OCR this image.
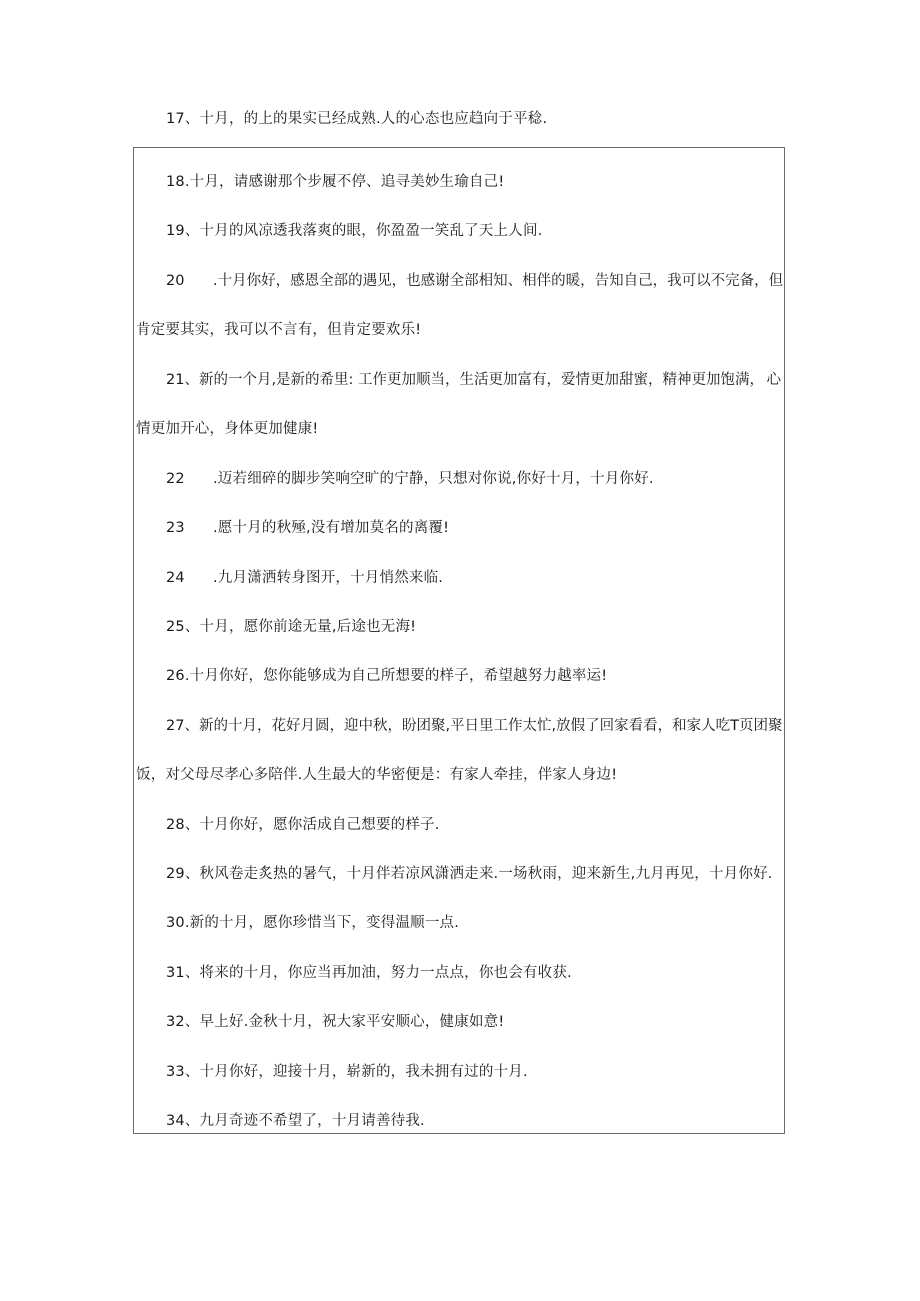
17、十月，的上的果实已经成熟.人的心态也应趋向于平稔.
18.十月，请感谢那个步履不停、追寻美妙生瑜自己!
19、十月的风凉透我落爽的眼，你盈盈一笑乱了天上人间.
20 .十月你好，感恩全部的遇见，也感谢全部相知、相伴的暖，告知自己，我可以不完备， 但
肯定要其实，我可以不言有，但肯定要欢乐!
21、新的一个月,是新的希里: 工作更加顺当，生活更加富有，爱情更加甜蜜，精神更加饱满， 心
情更加开心，身体更加健康!
22 .迈若细碎的脚步笑响空旷的宁静，只想对你说,你好十月，十月你好.
23 .愿十月的秋殛,没有增加莫名的离覆!
24 .九月潇洒转身图开，十月悄然来临.
25、十月，愿你前途无量,后途也无海!
26.十月你好，您你能够成为自己所想要的样子，希望越努力越率运!
27、新的十月，花好月圆，迎中秋，盼团聚,平日里工作太忙,放假了回家看看，和家人吃 T页团聚
饭，对父母尽孝心多陪伴.人生最大的华密便是：有家人牵挂，伴家人身边!
28、十月你好，愿你活成自己想要的样子.
29、秋风卷走炙热的暑气，十月伴若凉风潇洒走来.一场秋雨，迎来新生,九月再见，十月你好.
30.新的十月，愿你珍惜当下，变得温顺一点.
31、将来的十月，你应当再加油，努力一点点，你也会有收获.
32、早上好.金秋十月，祝大家平安顺心，健康如意!
33、十月你好，迎接十月，崭新的，我未拥有过的十月.
34、九月奇迹不希望了，十月请善待我.
